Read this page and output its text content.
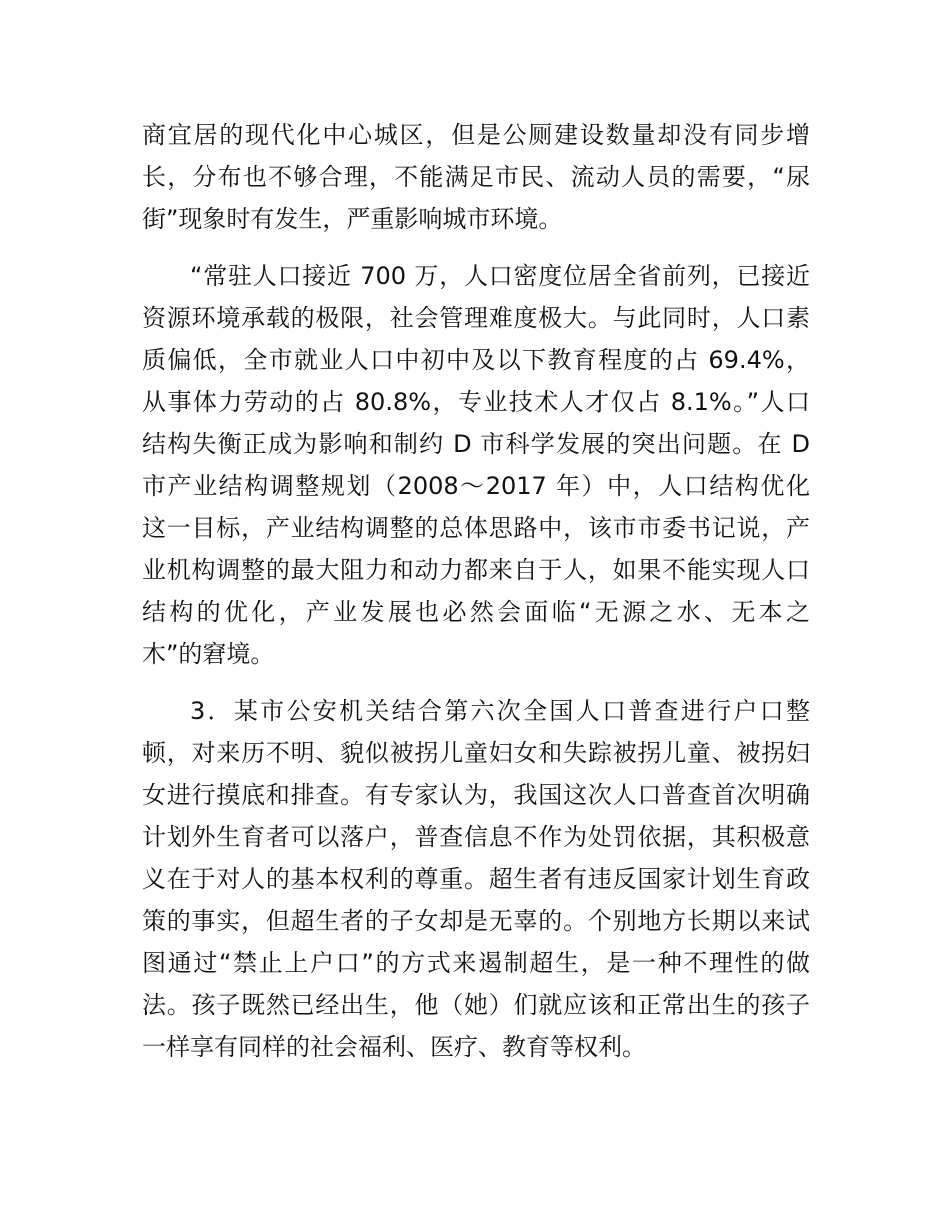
商宜居的现代化中心城区，但是公厕建设数量却没有同步增
长，分布也不够合理，不能满足市民、流动人员的需要，“尿
街”现象时有发生，严重影响城市环境。
“常驻人口接近 700 万，人口密度位居全省前列，已接近
资源环境承载的极限，社会管理难度极大。与此同时，人口素
质偏低，全市就业人口中初中及以下教育程度的占 69.4%，
从事体力劳动的占 80.8%，专业技术人才仅占 8.1%。”人口
结构失衡正成为影响和制约 D 市科学发展的突出问题。在 D
市产业结构调整规划（2008～2017 年）中，人口结构优化
这一目标，产业结构调整的总体思路中，该市市委书记说，产
业机构调整的最大阻力和动力都来自于人，如果不能实现人口
结构的优化，产业发展也必然会面临“无源之水、无本之
木”的窘境。
3．某市公安机关结合第六次全国人口普查进行户口整
顿，对来历不明、貌似被拐儿童妇女和失踪被拐儿童、被拐妇
女进行摸底和排查。有专家认为，我国这次人口普查首次明确
计划外生育者可以落户，普查信息不作为处罚依据，其积极意
义在于对人的基本权利的尊重。超生者有违反国家计划生育政
策的事实，但超生者的子女却是无辜的。个别地方长期以来试
图通过“禁止上户口”的方式来遏制超生，是一种不理性的做
法。孩子既然已经出生，他（她）们就应该和正常出生的孩子
一样享有同样的社会福利、医疗、教育等权利。
